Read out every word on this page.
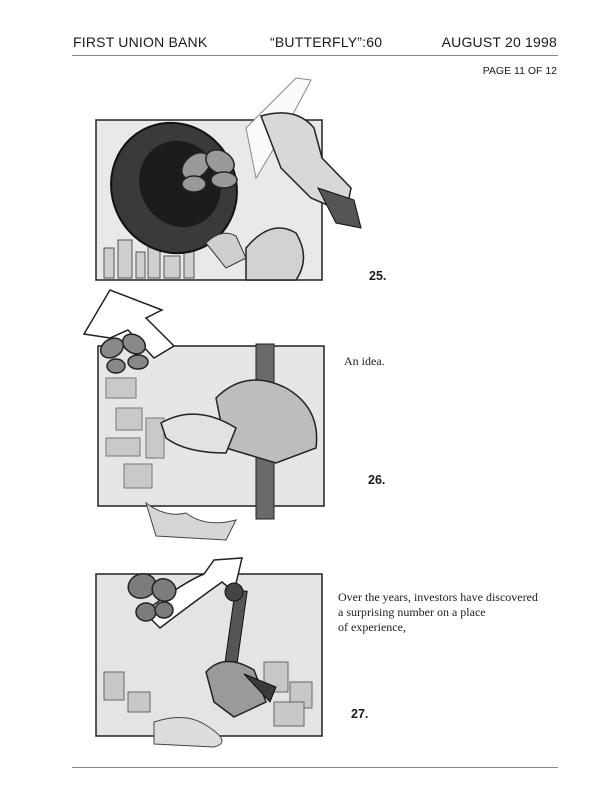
FIRST UNION BANK	“BUTTERFLY”:60	AUGUST 20 1998
PAGE 11 OF 12
25.
An idea.
26.
Over the years, investors have discovered
a surprising number on a place
of experience,
27.
